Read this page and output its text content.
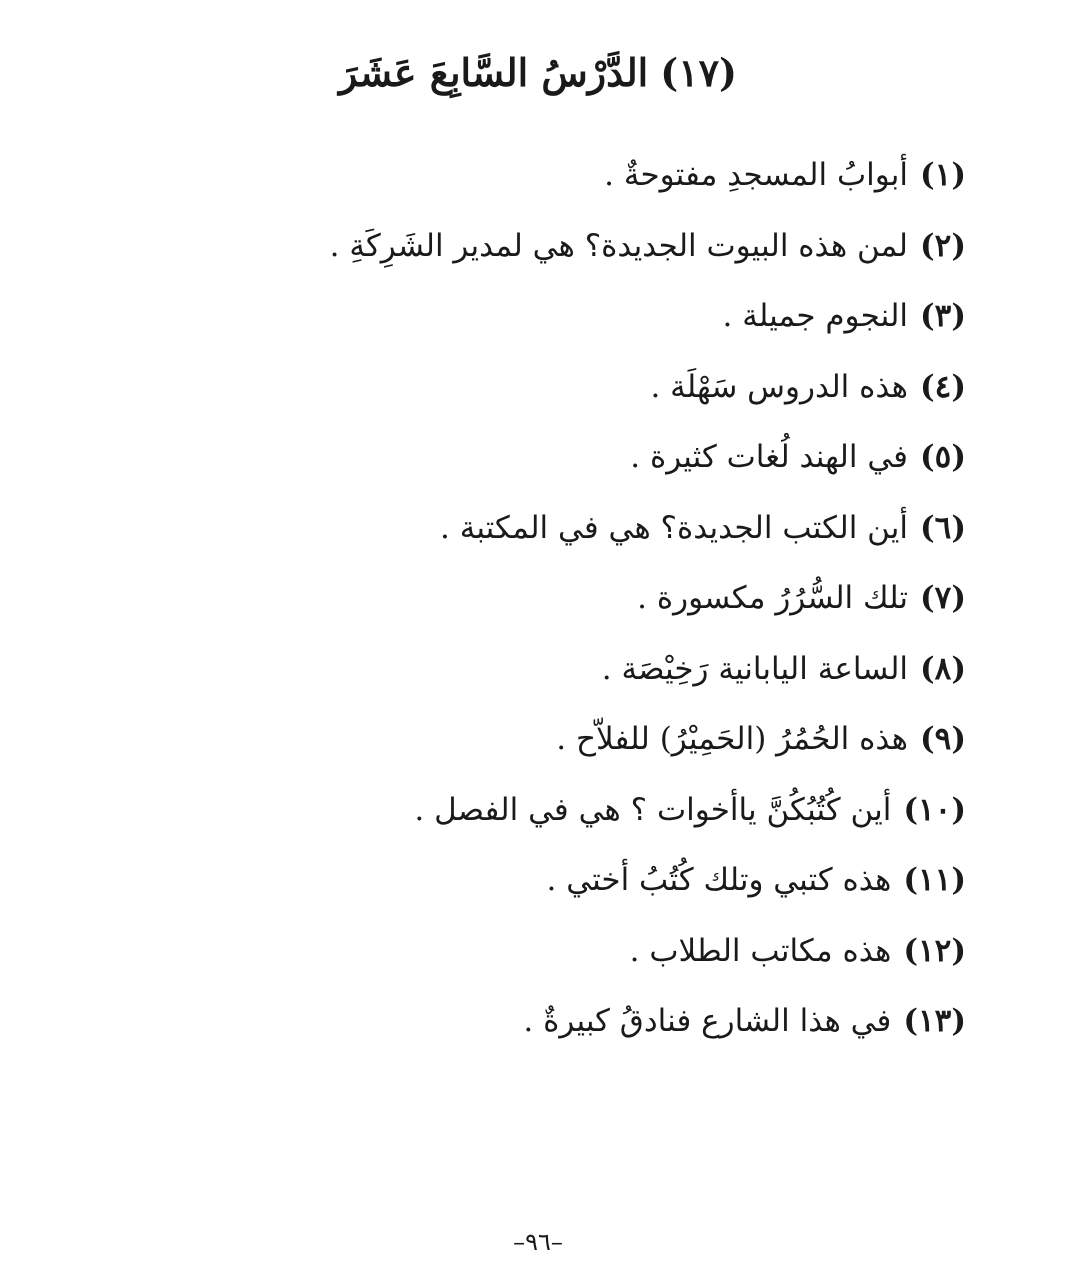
(١٧)الدَّرْسُ السَّابِعَ عَشَرَ
(١)أبوابُ المسجدِ مفتوحةٌ .
(٢)لمن هذه البيوت الجديدة؟ هي لمدير الشَرِكَةِ .
(٣)النجوم جميلة .
(٤)هذه الدروس سَهْلَة .
(٥)في الهند لُغات كثيرة .
(٦)أين الكتب الجديدة؟ هي في المكتبة .
(٧)تلك السُّرُرُ مكسورة .
(٨)الساعة اليابانية رَخِيْصَة .
(٩)هذه الحُمُرُ (الحَمِيْرُ) للفلاّح .
(١٠)أين كُتُبُكُنَّ ياأخوات ؟ هي في الفصل .
(١١)هذه كتبي وتلك كُتُبُ أختي .
(١٢)هذه مكاتب الطلاب .
(١٣)في هذا الشارع فنادقُ كبيرةٌ .
–٩٦–
